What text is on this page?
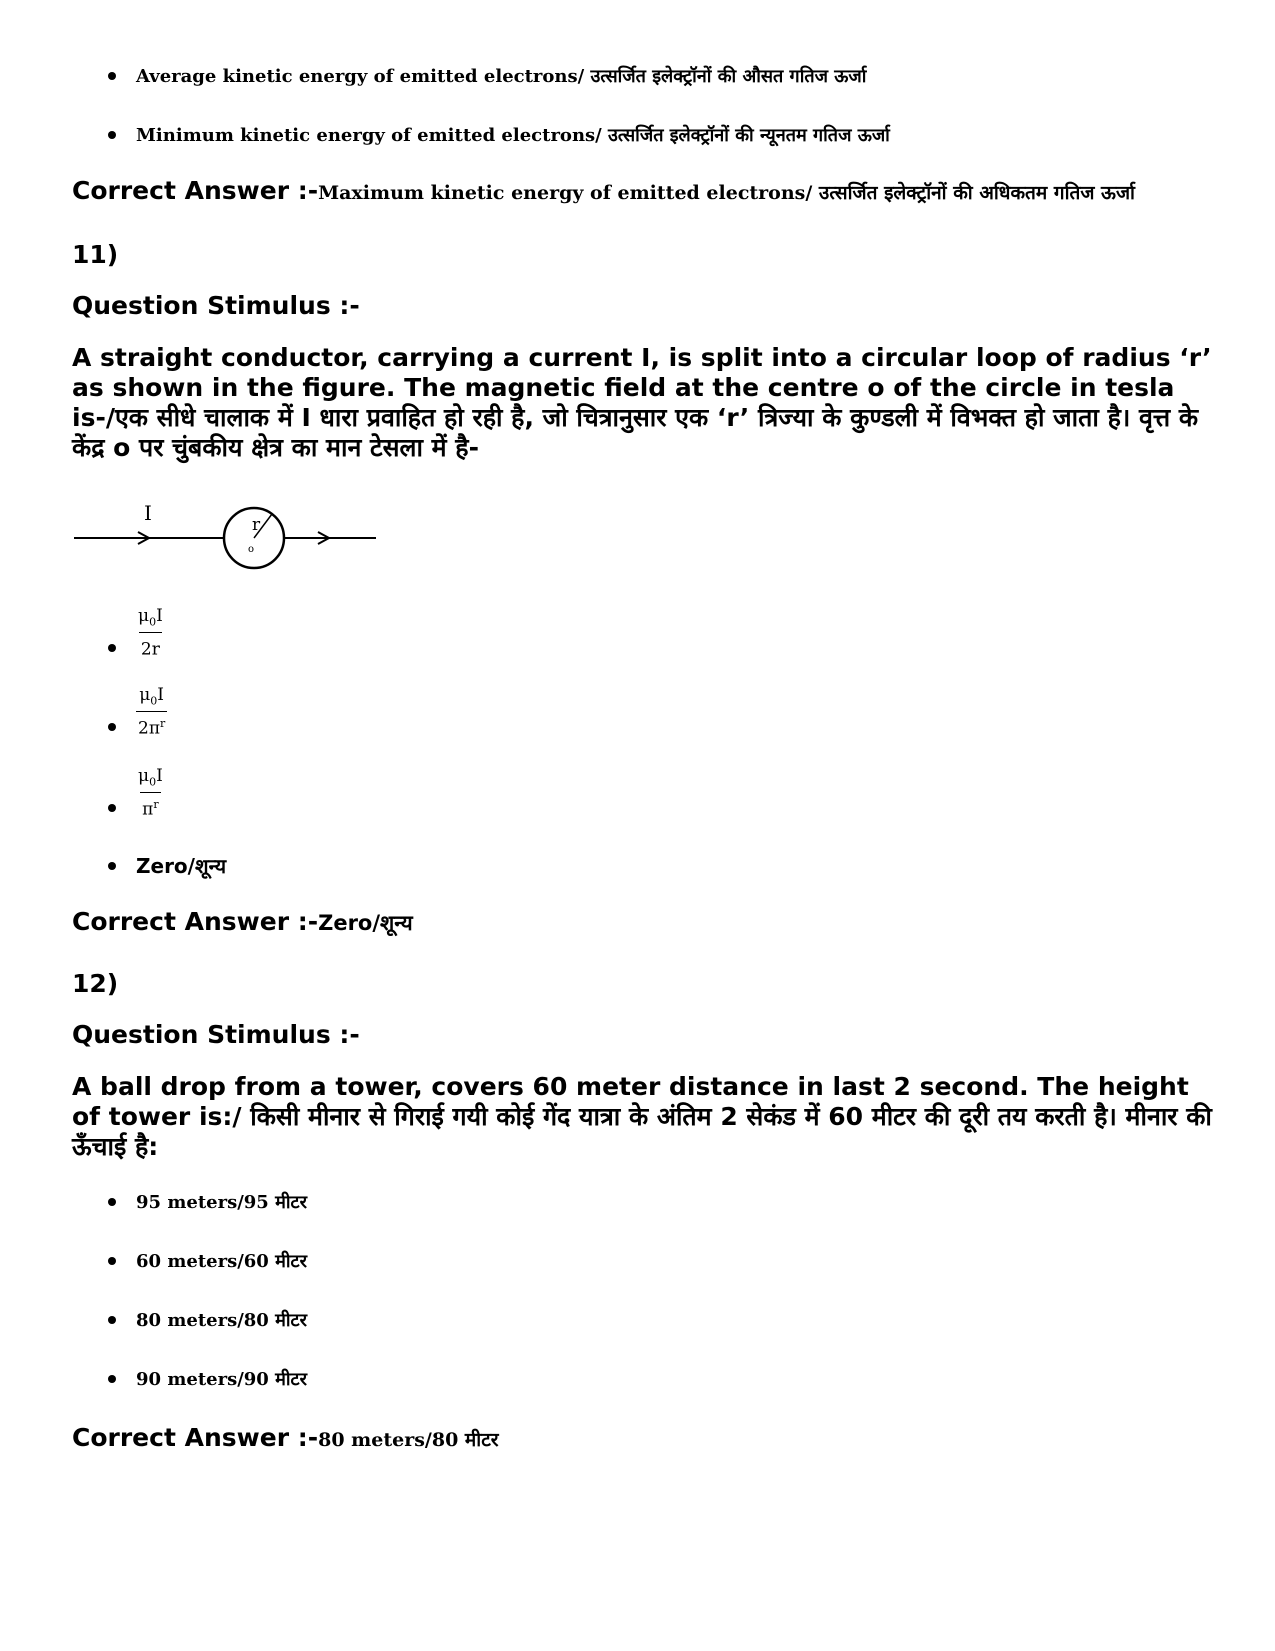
Average kinetic energy of emitted electrons/ उत्सर्जित इलेक्ट्रॉनों की औसत गतिज ऊर्जा
Minimum kinetic energy of emitted electrons/ उत्सर्जित इलेक्ट्रॉनों की न्यूनतम गतिज ऊर्जा
Correct Answer :-Maximum kinetic energy of emitted electrons/ उत्सर्जित इलेक्ट्रॉनों की अधिकतम गतिज ऊर्जा
11)
Question Stimulus :-
A straight conductor, carrying a current I, is split into a circular loop of radius ‘r’ as shown in the figure. The magnetic field at the centre o of the circle in tesla is-/एक सीधे चालाक में I धारा प्रवाहित हो रही है, जो चित्रानुसार एक ‘r’ त्रिज्या के कुण्डली में विभक्त हो जाता है। वृत्त के केंद्र o पर चुंबकीय क्षेत्र का मान टेसला में है-
I	r
o
$\frac{\mu_0I}{2r}$
$\frac{\mu_0I}{2\pi^r}$
$\frac{\mu_0I}{\pi^r}$
Zero/शून्य
Correct Answer :-Zero/शून्य
12)
Question Stimulus :-
A ball drop from a tower, covers 60 meter distance in last 2 second. The height of tower is:/ किसी मीनार से गिराई गयी कोई गेंद यात्रा के अंतिम 2 सेकंड में 60 मीटर की दूरी तय करती है। मीनार की ऊँचाई है:
95 meters/95 मीटर
60 meters/60 मीटर
80 meters/80 मीटर
90 meters/90 मीटर
Correct Answer :-80 meters/80 मीटर
